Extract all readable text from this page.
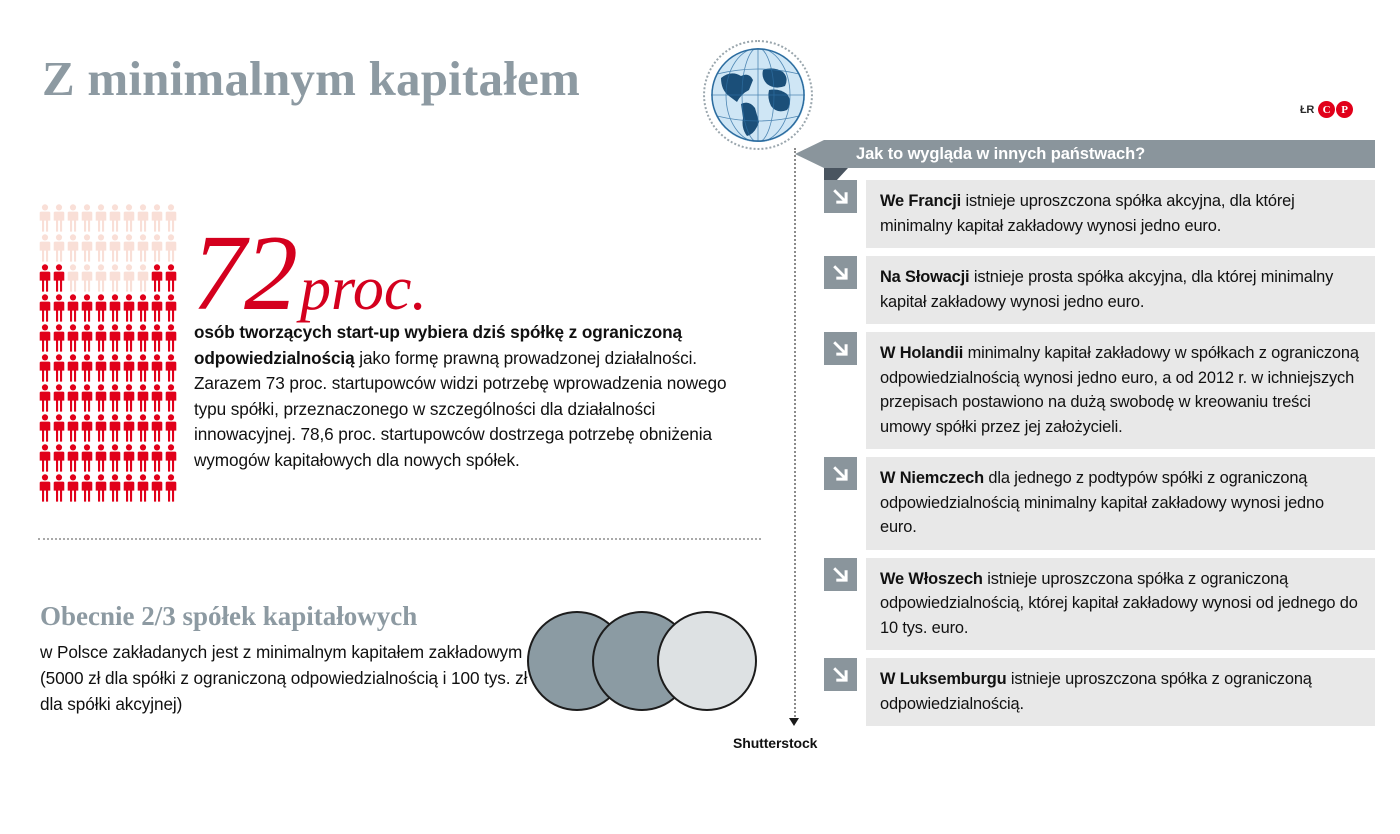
Z minimalnym kapitałem
ŁR C P
72proc.
osób tworzących start-up wybiera dziś spółkę z ograniczoną odpowiedzialnością jako formę prawną prowadzonej działalności. Zarazem 73 proc. startupowców widzi potrzebę wprowadzenia nowego typu spółki, przeznaczonego w szczególności dla działalności innowacyjnej. 78,6 proc. startupowców dostrzega potrzebę obniżenia wymogów kapitałowych dla nowych spółek.
Obecnie 2/3 spółek kapitałowych
w Polsce zakładanych jest z minimalnym kapitałem zakładowym (5000 zł dla spółki z ograniczoną odpowiedzialnością i 100 tys. zł dla spółki akcyjnej)
Shutterstock
Jak to wygląda w innych państwach?
We Francji istnieje uproszczona spółka akcyjna, dla której minimalny kapitał zakładowy wynosi jedno euro.
Na Słowacji istnieje prosta spółka akcyjna, dla której minimalny kapitał zakładowy wynosi jedno euro.
W Holandii minimalny kapitał zakładowy w spółkach z ograniczoną odpowiedzialnością wynosi jedno euro, a od 2012 r. w ichniejszych przepisach postawiono na dużą swobodę w kreowaniu treści umowy spółki przez jej założycieli.
W Niemczech dla jednego z podtypów spółki z ograniczoną odpowiedzialnością minimalny kapitał zakładowy wynosi jedno euro.
We Włoszech istnieje uproszczona spółka z ograniczoną odpowiedzialnością, której kapitał zakładowy wynosi od jednego do 10 tys. euro.
W Luksemburgu istnieje uproszczona spółka z ograniczoną odpowiedzialnością.
